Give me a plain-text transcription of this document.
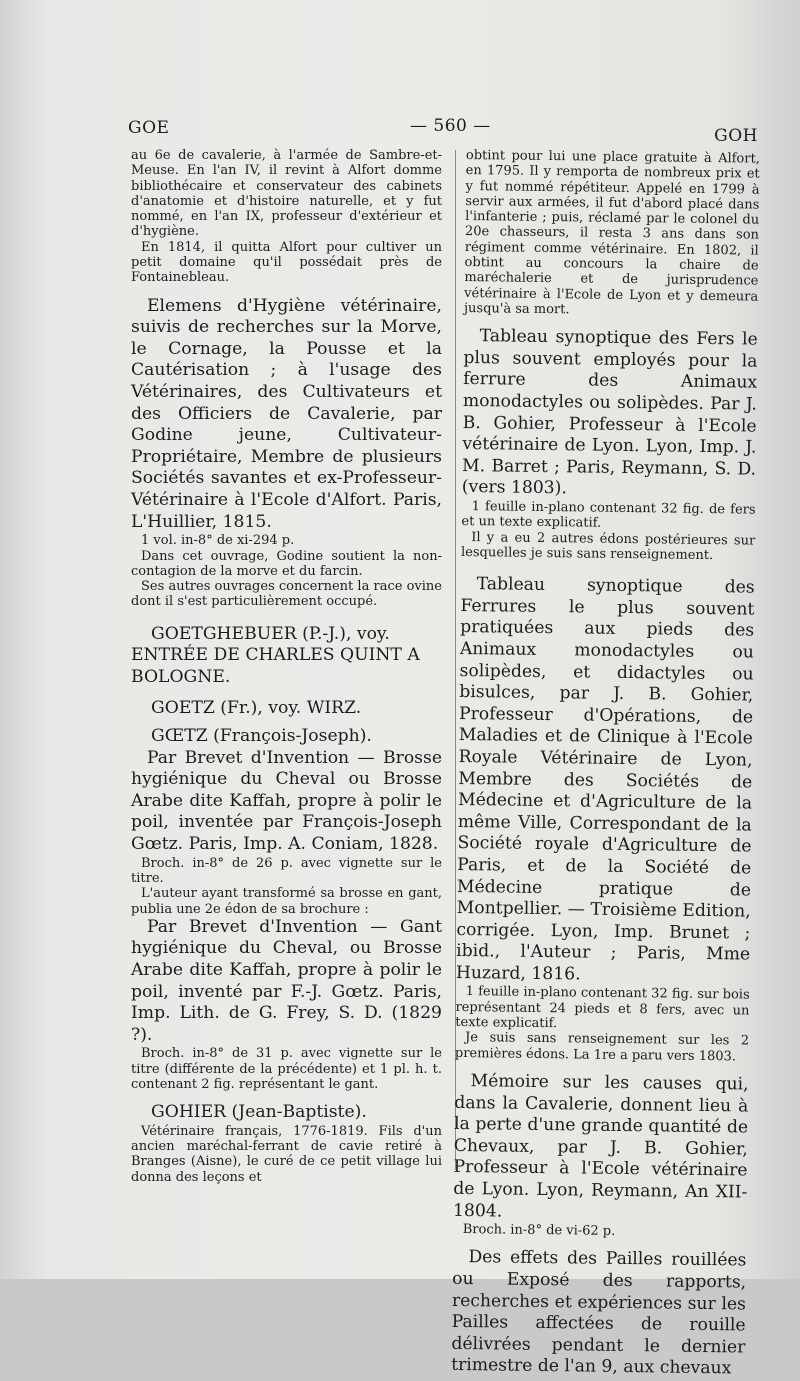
GOE	— 560 —	GOH

au 6e de cavalerie, à l'armée de Sambre-et-Meuse. En l'an IV, il revint à Alfort domme bibliothécaire et conservateur des cabinets d'anatomie et d'histoire naturelle, et y fut nommé, en l'an IX, professeur d'extérieur et d'hygiène.

En 1814, il quitta Alfort pour cultiver un petit domaine qu'il possédait près de Fontainebleau.

Elemens d'Hygiène vétérinaire, suivis de recherches sur la Morve, le Cornage, la Pousse et la Cautérisation ; à l'usage des Vétérinaires, des Cultivateurs et des Officiers de Cavalerie, par Godine jeune, Cultivateur-Propriétaire, Membre de plusieurs Sociétés savantes et ex-Professeur-Vétérinaire à l'Ecole d'Alfort. Paris, L'Huillier, 1815.

1 vol. in-8° de xi-294 p.

Dans cet ouvrage, Godine soutient la non-contagion de la morve et du farcin.

Ses autres ouvrages concernent la race ovine dont il s'est particulièrement occupé.

GOETGHEBUER (P.-J.), voy. ENTRÉE DE CHARLES QUINT A BOLOGNE.

GOETZ (Fr.), voy. WIRZ.

GŒTZ (François-Joseph).

Par Brevet d'Invention — Brosse hygiénique du Cheval ou Brosse Arabe dite Kaffah, propre à polir le poil, inventée par François-Joseph Gœtz. Paris, Imp. A. Coniam, 1828.

Broch. in-8° de 26 p. avec vignette sur le titre.

L'auteur ayant transformé sa brosse en gant, publia une 2e édon de sa brochure :

Par Brevet d'Invention — Gant hygiénique du Cheval, ou Brosse Arabe dite Kaffah, propre à polir le poil, inventé par F.-J. Gœtz. Paris, Imp. Lith. de G. Frey, S. D. (1829 ?).

Broch. in-8° de 31 p. avec vignette sur le titre (différente de la précédente) et 1 pl. h. t. contenant 2 fig. représentant le gant.

GOHIER (Jean-Baptiste).

Vétérinaire français, 1776-1819. Fils d'un ancien maréchal-ferrant de cavie retiré à Branges (Aisne), le curé de ce petit village lui donna des leçons et

obtint pour lui une place gratuite à Alfort, en 1795. Il y remporta de nombreux prix et y fut nommé répétiteur. Appelé en 1799 à servir aux armées, il fut d'abord placé dans l'infanterie ; puis, réclamé par le colonel du 20e chasseurs, il resta 3 ans dans son régiment comme vétérinaire. En 1802, il obtint au concours la chaire de maréchalerie et de jurisprudence vétérinaire à l'Ecole de Lyon et y demeura jusqu'à sa mort.

Tableau synoptique des Fers le plus souvent employés pour la ferrure des Animaux monodactyles ou solipèdes. Par J. B. Gohier, Professeur à l'Ecole vétérinaire de Lyon. Lyon, Imp. J. M. Barret ; Paris, Reymann, S. D. (vers 1803).

1 feuille in-plano contenant 32 fig. de fers et un texte explicatif.

Il y a eu 2 autres édons postérieures sur lesquelles je suis sans renseignement.

Tableau synoptique des Ferrures le plus souvent pratiquées aux pieds des Animaux monodactyles ou solipèdes, et didactyles ou bisulces, par J. B. Gohier, Professeur d'Opérations, de Maladies et de Clinique à l'Ecole Royale Vétérinaire de Lyon, Membre des Sociétés de Médecine et d'Agriculture de la même Ville, Correspondant de la Société royale d'Agriculture de Paris, et de la Société de Médecine pratique de Montpellier. — Troisième Edition, corrigée. Lyon, Imp. Brunet ; ibid., l'Auteur ; Paris, Mme Huzard, 1816.

1 feuille in-plano contenant 32 fig. sur bois représentant 24 pieds et 8 fers, avec un texte explicatif.

Je suis sans renseignement sur les 2 premières édons. La 1re a paru vers 1803.

Mémoire sur les causes qui, dans la Cavalerie, donnent lieu à la perte d'une grande quantité de Chevaux, par J. B. Gohier, Professeur à l'Ecole vétérinaire de Lyon. Lyon, Reymann, An XII-1804.

Broch. in-8° de vi-62 p.

Des effets des Pailles rouillées ou Exposé des rapports, recherches et expériences sur les Pailles affectées de rouille délivrées pendant le dernier trimestre de l'an 9, aux chevaux
